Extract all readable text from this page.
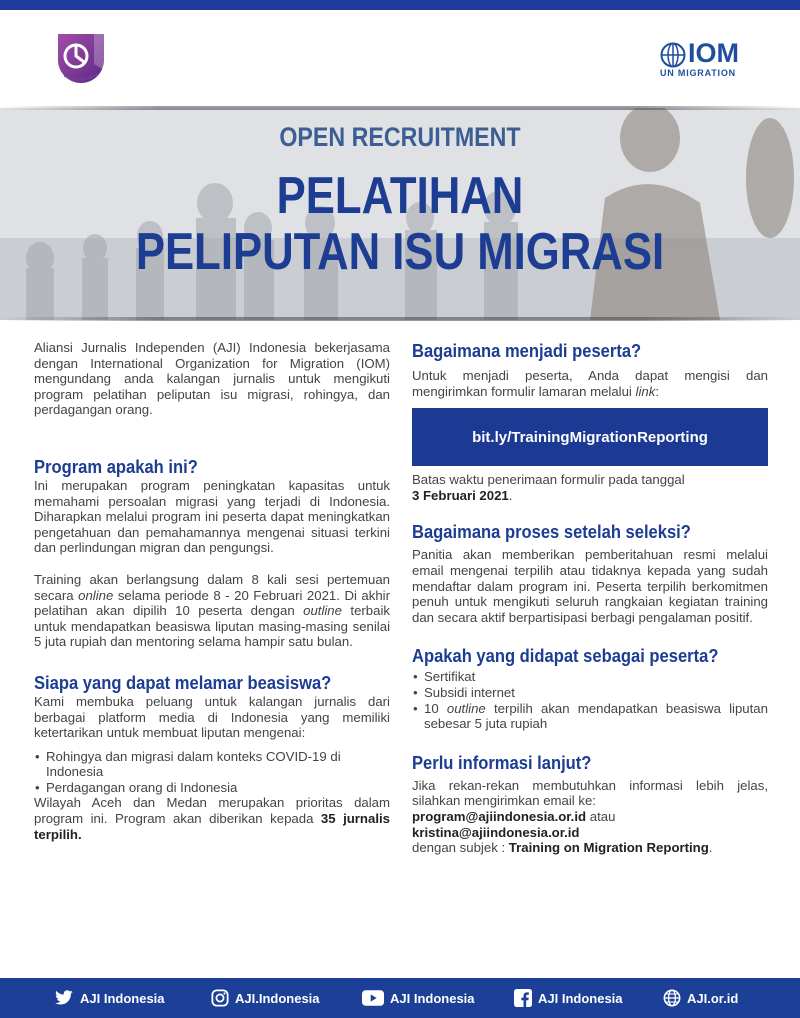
IOM
UN MIGRATION
OPEN RECRUITMENT
PELATIHAN
PELIPUTAN ISU MIGRASI

Aliansi Jurnalis Independen (AJI) Indonesia bekerjasama dengan International Organization for Migration (IOM) mengundang anda kalangan jurnalis untuk mengikuti program pelatihan peliputan isu migrasi, rohingya, dan perdagangan orang.

Program apakah ini?

Ini merupakan program peningkatan kapasitas untuk memahami persoalan migrasi yang terjadi di Indonesia. Diharapkan melalui program ini peserta dapat meningkatkan pengetahuan dan pemahamannya mengenai situasi terkini dan perlindungan migran dan pengungsi.

Training akan berlangsung dalam 8 kali sesi pertemuan secara online selama periode 8 - 20 Februari 2021. Di akhir pelatihan akan dipilih 10 peserta dengan outline terbaik untuk mendapatkan beasiswa liputan masing-masing senilai 5 juta rupiah dan mentoring selama hampir satu bulan.

Siapa yang dapat melamar beasiswa?

Kami membuka peluang untuk kalangan jurnalis dari berbagai platform media di Indonesia yang memiliki ketertarikan untuk membuat liputan mengenai:

• Rohingya dan migrasi dalam konteks COVID-19 di Indonesia
• Perdagangan orang di Indonesia

Wilayah Aceh dan Medan merupakan prioritas dalam program ini. Program akan diberikan kepada 35 jurnalis terpilih.

Bagaimana menjadi peserta?

Untuk menjadi peserta, Anda dapat mengisi dan mengirimkan formulir lamaran melalui link:

bit.ly/TrainingMigrationReporting

Batas waktu penerimaan formulir pada tanggal
3 Februari 2021.

Bagaimana proses setelah seleksi?

Panitia akan memberikan pemberitahuan resmi melalui email mengenai terpilih atau tidaknya kepada yang sudah mendaftar dalam program ini. Peserta terpilih berkomitmen penuh untuk mengikuti seluruh rangkaian kegiatan training dan secara aktif berpartisipasi berbagi pengalaman positif.

Apakah yang didapat sebagai peserta?
• Sertifikat
• Subsidi internet
• 10 outline terpilih akan mendapatkan beasiswa liputan sebesar 5 juta rupiah
Perlu informasi lanjut?

Jika rekan-rekan membutuhkan informasi lebih jelas, silahkan mengirimkan email ke:

program@ajiindonesia.or.id atau
kristina@ajiindonesia.or.id
dengan subjek : Training on Migration Reporting.

AJI Indonesia	AJI.Indonesia	AJI Indonesia	AJI Indonesia	AJI.or.id
